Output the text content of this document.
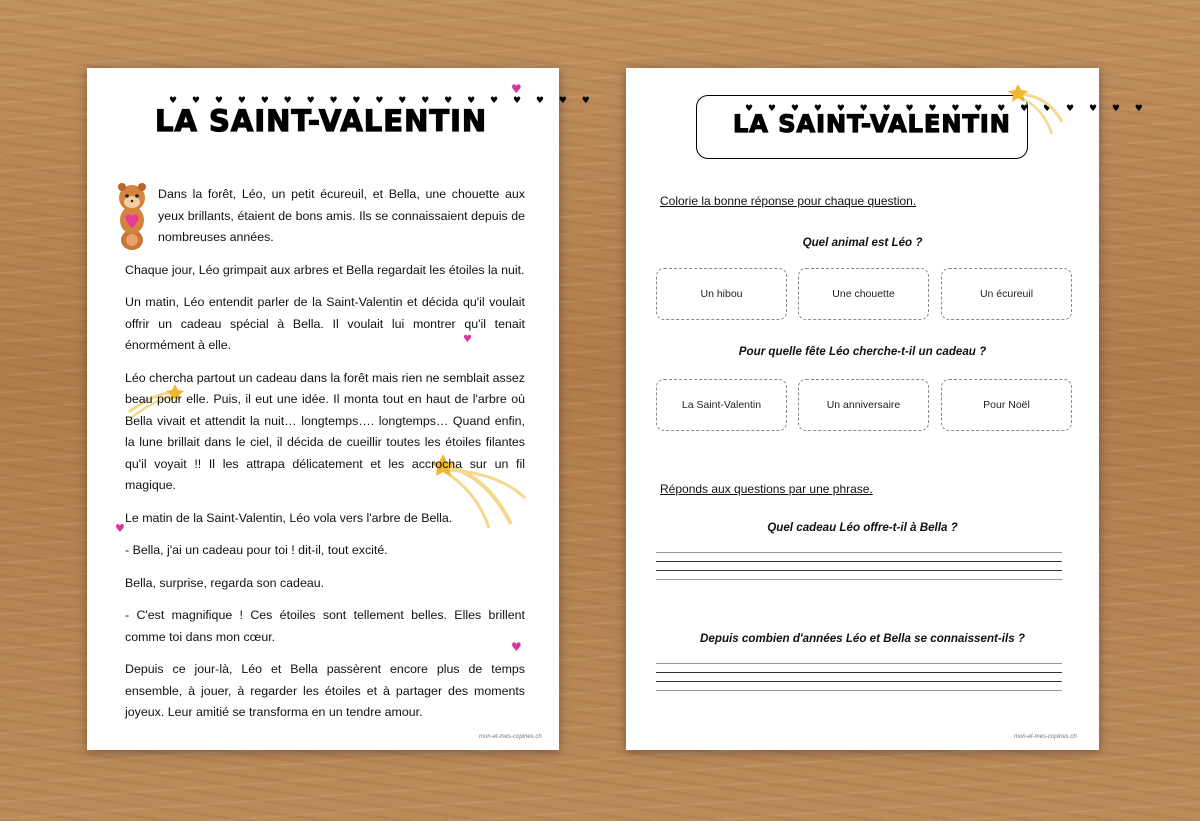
♥ ♥ ♥ ♥ ♥ ♥ ♥ ♥ ♥ ♥ ♥ ♥ ♥ ♥ ♥ ♥ ♥ ♥ ♥
LA SAINT-VALENTIN
♥
♥
♥
♥

Dans la forêt, Léo, un petit écureuil, et Bella, une chouette aux yeux brillants, étaient de bons amis. Ils se connaissaient depuis de nombreuses années.

Chaque jour, Léo grimpait aux arbres et Bella regardait les étoiles la nuit.

Un matin, Léo entendit parler de la Saint-Valentin et décida qu'il voulait offrir un cadeau spécial à Bella. Il voulait lui montrer qu'il tenait énormément à elle.

Léo chercha partout un cadeau dans la forêt mais rien ne semblait assez beau pour elle. Puis, il eut une idée. Il monta tout en haut de l'arbre où Bella vivait et attendit la nuit… longtemps…. longtemps… Quand enfin, la lune brillait dans le ciel, il décida de cueillir toutes les étoiles filantes qu'il voyait !! Il les attrapa délicatement et les accrocha sur un fil magique.

Le matin de la Saint-Valentin, Léo vola vers l'arbre de Bella.

- Bella, j'ai un cadeau pour toi ! dit-il, tout excité.

Bella, surprise, regarda son cadeau.

- C'est magnifique ! Ces étoiles sont tellement belles. Elles brillent comme toi dans mon cœur.

Depuis ce jour-là, Léo et Bella passèrent encore plus de temps ensemble, à jouer, à regarder les étoiles et à partager des moments joyeux. Leur amitié se transforma en un tendre amour.

mon-et-mes-copines.ch
♥ ♥ ♥ ♥ ♥ ♥ ♥ ♥ ♥ ♥ ♥ ♥ ♥ ♥ ♥ ♥ ♥ ♥
LA SAINT-VALENTIN
Colorie la bonne réponse pour chaque question.
Quel animal est Léo ?
Un hibou	Une chouette	Un écureuil
Pour quelle fête Léo cherche-t-il un cadeau ?
La Saint-Valentin	Un anniversaire	Pour Noël
Réponds aux questions par une phrase.
Quel cadeau Léo offre-t-il à Bella ?
Depuis combien d'années Léo et Bella se connaissent-ils ?
mon-et-mes-copines.ch
